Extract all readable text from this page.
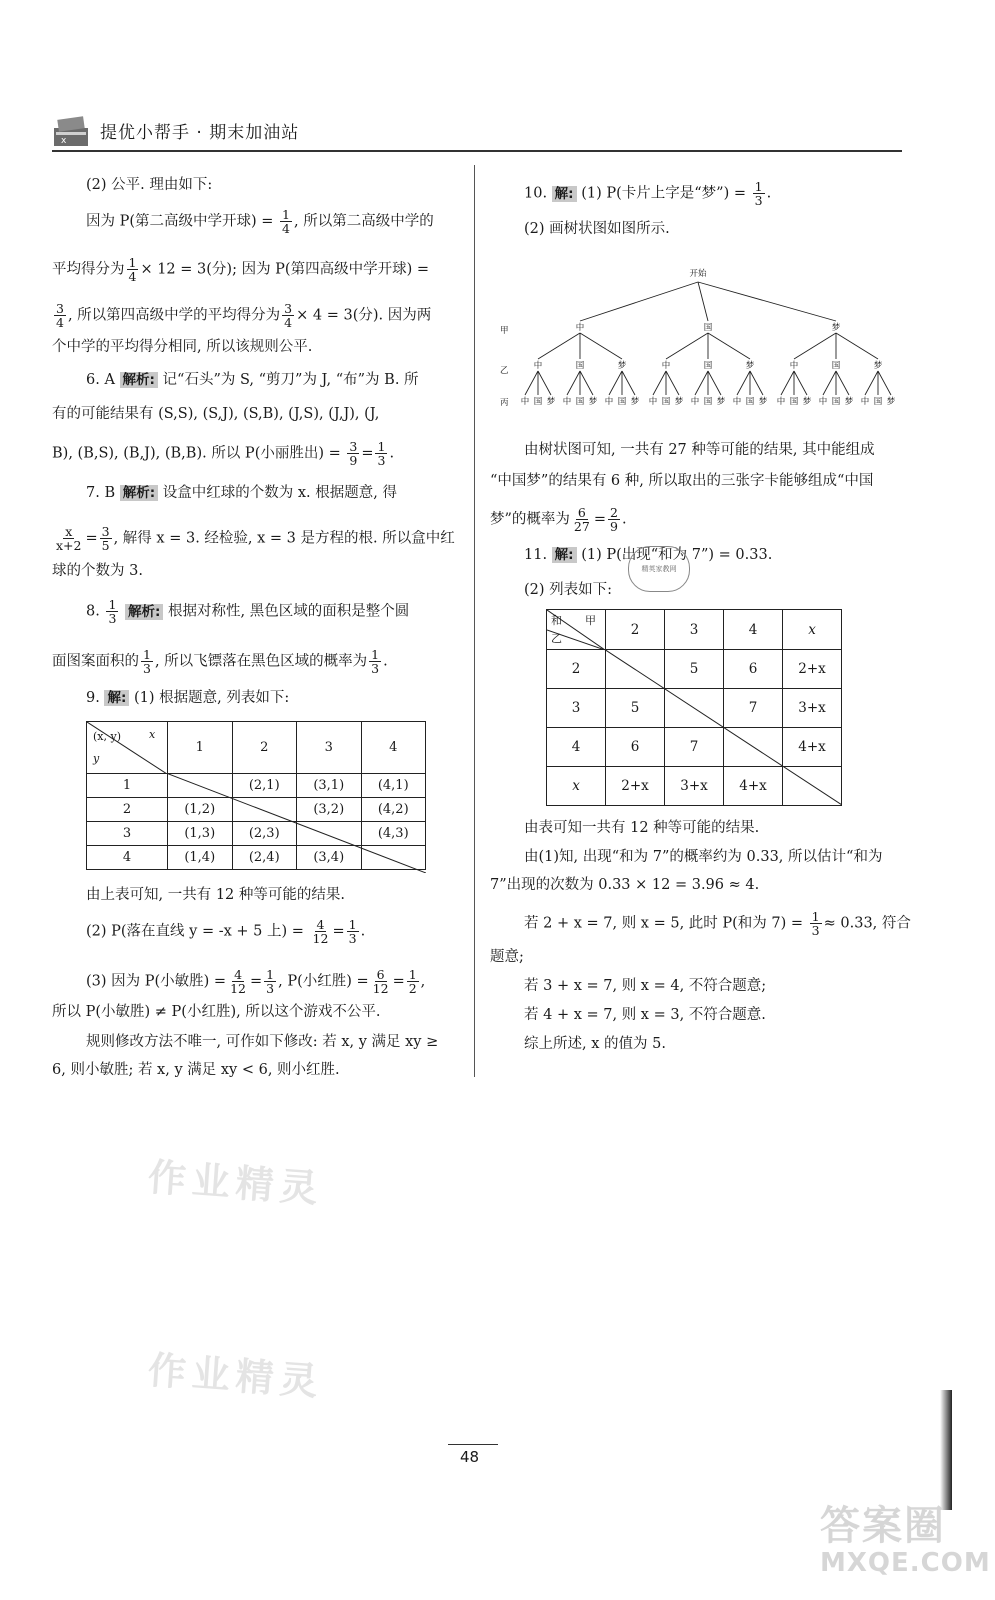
x 提优小帮手 · 期末加油站
(2) 公平. 理由如下:
因为 P(第二高级中学开球) = $\frac{1}{4}$ , 所以第二高级中学的
平均得分为 $\frac{1}{4} \times 12 = 3$(分); 因为 P(第四高级中学开球) =
$\frac{3}{4}$ , 所以第四高级中学的平均得分为 $\frac{3}{4} \times 4 = 3$(分). 因为两
个中学的平均得分相同, 所以该规则公平.
6. A 解析: 记“石头”为 S, “剪刀”为 J, “布”为 B. 所
有的可能结果有 (S,S), (S,J), (S,B), (J,S), (J,J), (J,
B), (B,S), (B,J), (B,B). 所以 P(小丽胜出) = $\frac{3}{9} = \frac{1}{3}$ .
7. B 解析: 设盒中红球的个数为 x. 根据题意, 得
$\frac{x}{x+2} = \frac{3}{5}$ , 解得 x = 3. 经检验, x = 3 是方程的根. 所以盒中红
球的个数为 3.
8. $\frac{1}{3}$ 解析: 根据对称性, 黑色区域的面积是整个圆
面图案面积的 $\frac{1}{3}$ , 所以飞镖落在黑色区域的概率为 $\frac{1}{3}$ .
9. 解: (1) 根据题意, 列表如下:
(x, y) x
y	1	2	3	4
1		(2,1)	(3,1)	(4,1)
2	(1,2)		(3,2)	(4,2)
3	(1,3)	(2,3)		(4,3)
4	(1,4)	(2,4)	(3,4)	
由上表可知, 一共有 12 种等可能的结果.
(2) P(落在直线 y = -x + 5 上) = $\frac{4}{12} = \frac{1}{3}$ .
(3) 因为 P(小敏胜) = $\frac{4}{12} = \frac{1}{3}$ , P(小红胜) = $\frac{6}{12} = \frac{1}{2}$ ,
所以 P(小敏胜) ≠ P(小红胜), 所以这个游戏不公平.
规则修改方法不唯一, 可作如下修改: 若 x, y 满足 xy ≥
6, 则小敏胜; 若 x, y 满足 xy < 6, 则小红胜.
10. 解: (1) P(卡片上字是“梦”) = $\frac{1}{3}$ .
(2) 画树状图如图所示.
开始
甲
乙
丙
中
中
中 国 梦
国
中 国 梦
梦
中 国 梦
国
中
中 国 梦
国
中 国 梦
梦
中 国 梦
梦
中
中 国 梦
国
中 国 梦
梦
中 国 梦
由树状图可知, 一共有 27 种等可能的结果, 其中能组成
“中国梦”的结果有 6 种, 所以取出的三张字卡能够组成“中国
梦”的概率为 $\frac{6}{27} = \frac{2}{9}$ .
11. 解: (1) P(出现“和为 7”) = 0.33.
精英家教网
(2) 列表如下:
甲
和
乙	2	3	4	x
2		5	6	2+x
3	5		7	3+x
4	6	7		4+x
x	2+x	3+x	4+x	
由表可知一共有 12 种等可能的结果.
由(1)知, 出现“和为 7”的概率约为 0.33, 所以估计“和为
7”出现的次数为 0.33 × 12 = 3.96 ≈ 4.
若 2 + x = 7, 则 x = 5, 此时 P(和为 $7) = \frac{1}{3} \approx 0.33$, 符合
题意;
若 3 + x = 7, 则 x = 4, 不符合题意;
若 4 + x = 7, 则 x = 3, 不符合题意.
综上所述, x 的值为 5.
作业精灵
作业精灵
48
答案圈
MXQE.COM
